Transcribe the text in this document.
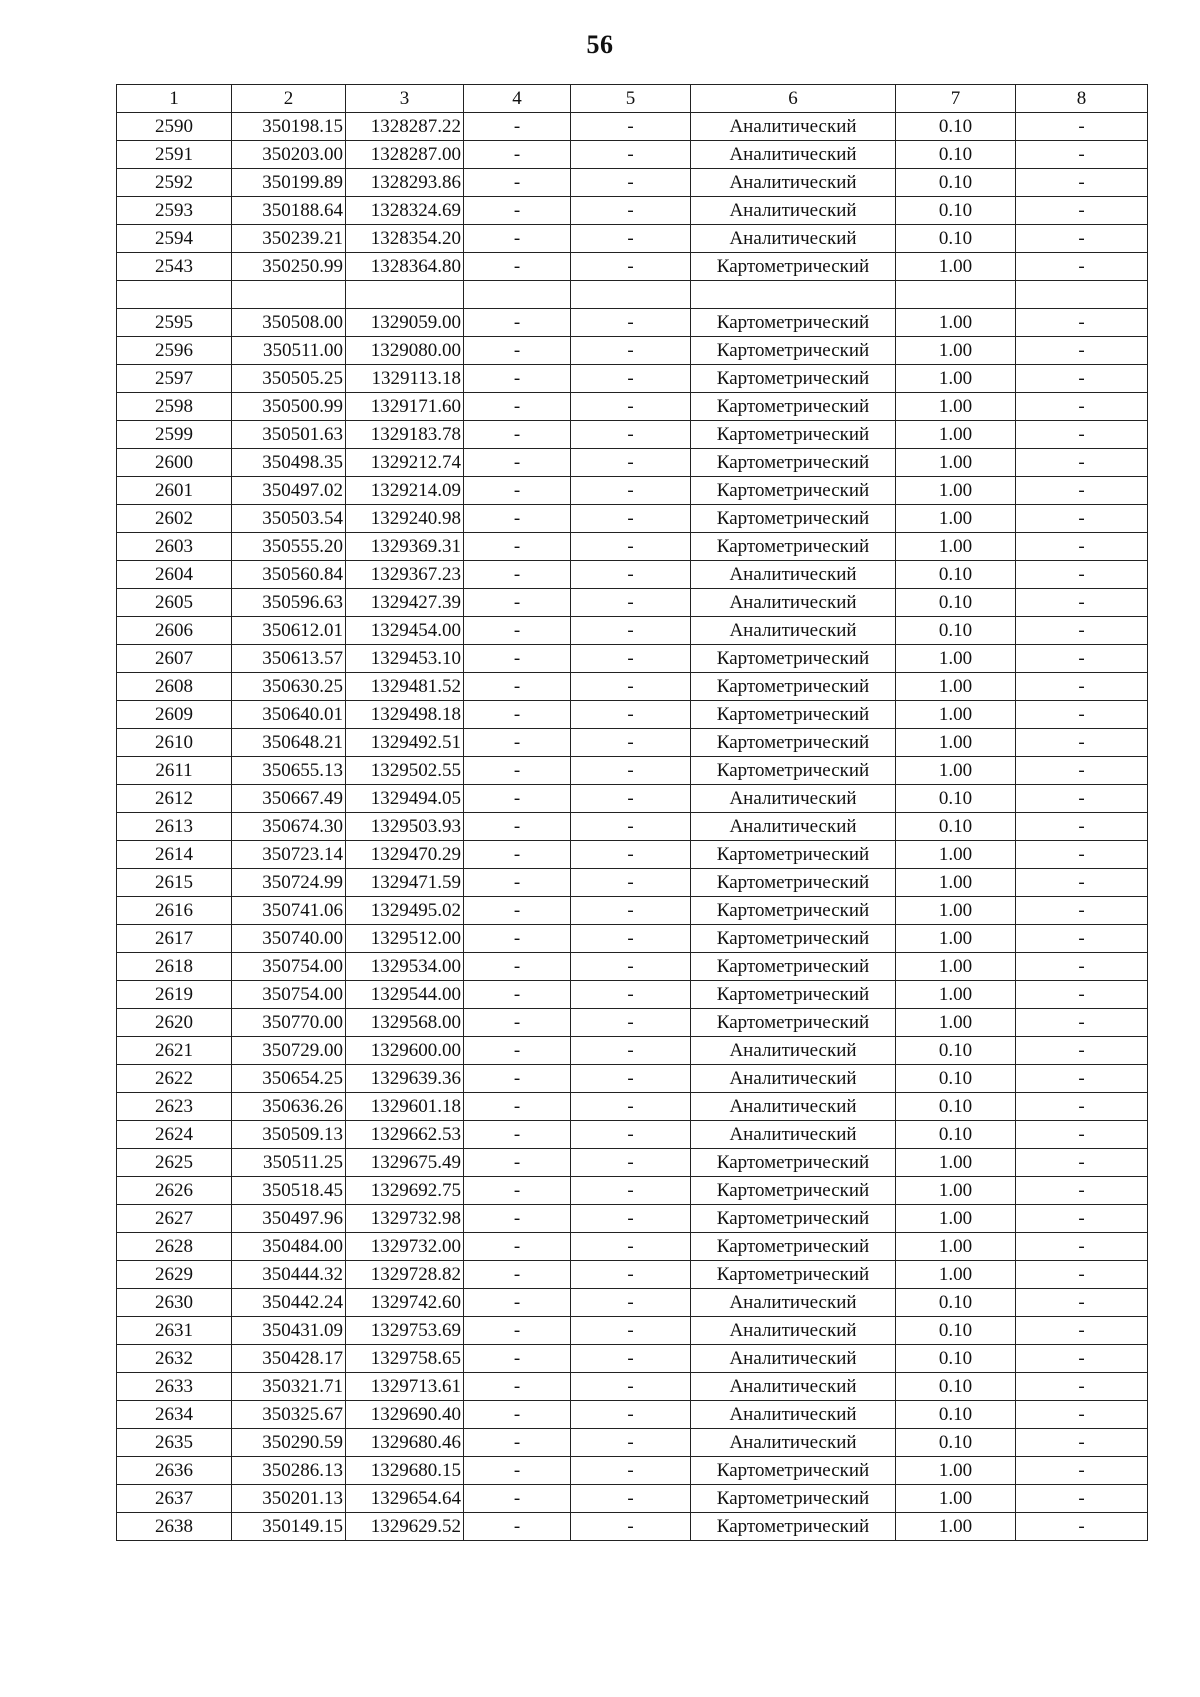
56
1	2	3	4	5	6	7	8
2590	350198.15	1328287.22	-	-	Аналитический	0.10	-
2591	350203.00	1328287.00	-	-	Аналитический	0.10	-
2592	350199.89	1328293.86	-	-	Аналитический	0.10	-
2593	350188.64	1328324.69	-	-	Аналитический	0.10	-
2594	350239.21	1328354.20	-	-	Аналитический	0.10	-
2543	350250.99	1328364.80	-	-	Картометрический	1.00	-

2595	350508.00	1329059.00	-	-	Картометрический	1.00	-
2596	350511.00	1329080.00	-	-	Картометрический	1.00	-
2597	350505.25	1329113.18	-	-	Картометрический	1.00	-
2598	350500.99	1329171.60	-	-	Картометрический	1.00	-
2599	350501.63	1329183.78	-	-	Картометрический	1.00	-
2600	350498.35	1329212.74	-	-	Картометрический	1.00	-
2601	350497.02	1329214.09	-	-	Картометрический	1.00	-
2602	350503.54	1329240.98	-	-	Картометрический	1.00	-
2603	350555.20	1329369.31	-	-	Картометрический	1.00	-
2604	350560.84	1329367.23	-	-	Аналитический	0.10	-
2605	350596.63	1329427.39	-	-	Аналитический	0.10	-
2606	350612.01	1329454.00	-	-	Аналитический	0.10	-
2607	350613.57	1329453.10	-	-	Картометрический	1.00	-
2608	350630.25	1329481.52	-	-	Картометрический	1.00	-
2609	350640.01	1329498.18	-	-	Картометрический	1.00	-
2610	350648.21	1329492.51	-	-	Картометрический	1.00	-
2611	350655.13	1329502.55	-	-	Картометрический	1.00	-
2612	350667.49	1329494.05	-	-	Аналитический	0.10	-
2613	350674.30	1329503.93	-	-	Аналитический	0.10	-
2614	350723.14	1329470.29	-	-	Картометрический	1.00	-
2615	350724.99	1329471.59	-	-	Картометрический	1.00	-
2616	350741.06	1329495.02	-	-	Картометрический	1.00	-
2617	350740.00	1329512.00	-	-	Картометрический	1.00	-
2618	350754.00	1329534.00	-	-	Картометрический	1.00	-
2619	350754.00	1329544.00	-	-	Картометрический	1.00	-
2620	350770.00	1329568.00	-	-	Картометрический	1.00	-
2621	350729.00	1329600.00	-	-	Аналитический	0.10	-
2622	350654.25	1329639.36	-	-	Аналитический	0.10	-
2623	350636.26	1329601.18	-	-	Аналитический	0.10	-
2624	350509.13	1329662.53	-	-	Аналитический	0.10	-
2625	350511.25	1329675.49	-	-	Картометрический	1.00	-
2626	350518.45	1329692.75	-	-	Картометрический	1.00	-
2627	350497.96	1329732.98	-	-	Картометрический	1.00	-
2628	350484.00	1329732.00	-	-	Картометрический	1.00	-
2629	350444.32	1329728.82	-	-	Картометрический	1.00	-
2630	350442.24	1329742.60	-	-	Аналитический	0.10	-
2631	350431.09	1329753.69	-	-	Аналитический	0.10	-
2632	350428.17	1329758.65	-	-	Аналитический	0.10	-
2633	350321.71	1329713.61	-	-	Аналитический	0.10	-
2634	350325.67	1329690.40	-	-	Аналитический	0.10	-
2635	350290.59	1329680.46	-	-	Аналитический	0.10	-
2636	350286.13	1329680.15	-	-	Картометрический	1.00	-
2637	350201.13	1329654.64	-	-	Картометрический	1.00	-
2638	350149.15	1329629.52	-	-	Картометрический	1.00	-
